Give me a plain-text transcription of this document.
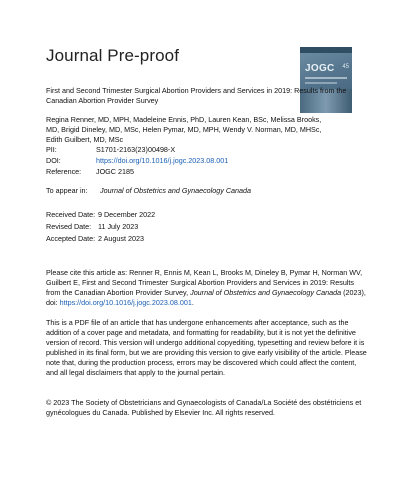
Journal Pre-proof
JOGC 45
First and Second Trimester Surgical Abortion Providers and Services in 2019: Results from the Canadian Abortion Provider Survey
Regina Renner, MD, MPH, Madeleine Ennis, PhD, Lauren Kean, BSc, Melissa Brooks, MD, Brigid Dineley, MD, MSc, Helen Pymar, MD, MPH, Wendy V. Norman, MD, MHSc, Edith Guilbert, MD, MSc
PII:	S1701-2163(23)00498-X
DOI:	https://doi.org/10.1016/j.jogc.2023.08.001
Reference: JOGC 2185
To appear in: Journal of Obstetrics and Gynaecology Canada
Received Date: 9 December 2022
Revised Date: 11 July 2023
Accepted Date: 2 August 2023
Please cite this article as: Renner R, Ennis M, Kean L, Brooks M, Dineley B, Pymar H, Norman WV, Guilbert E, First and Second Trimester Surgical Abortion Providers and Services in 2019: Results from the Canadian Abortion Provider Survey, Journal of Obstetrics and Gynaecology Canada (2023), doi: https://doi.org/10.1016/j.jogc.2023.08.001.
This is a PDF file of an article that has undergone enhancements after acceptance, such as the addition of a cover page and metadata, and formatting for readability, but it is not yet the definitive version of record. This version will undergo additional copyediting, typesetting and review before it is published in its final form, but we are providing this version to give early visibility of the article. Please note that, during the production process, errors may be discovered which could affect the content, and all legal disclaimers that apply to the journal pertain.
© 2023 The Society of Obstetricians and Gynaecologists of Canada/La Société des obstétriciens et gynécologues du Canada. Published by Elsevier Inc. All rights reserved.
